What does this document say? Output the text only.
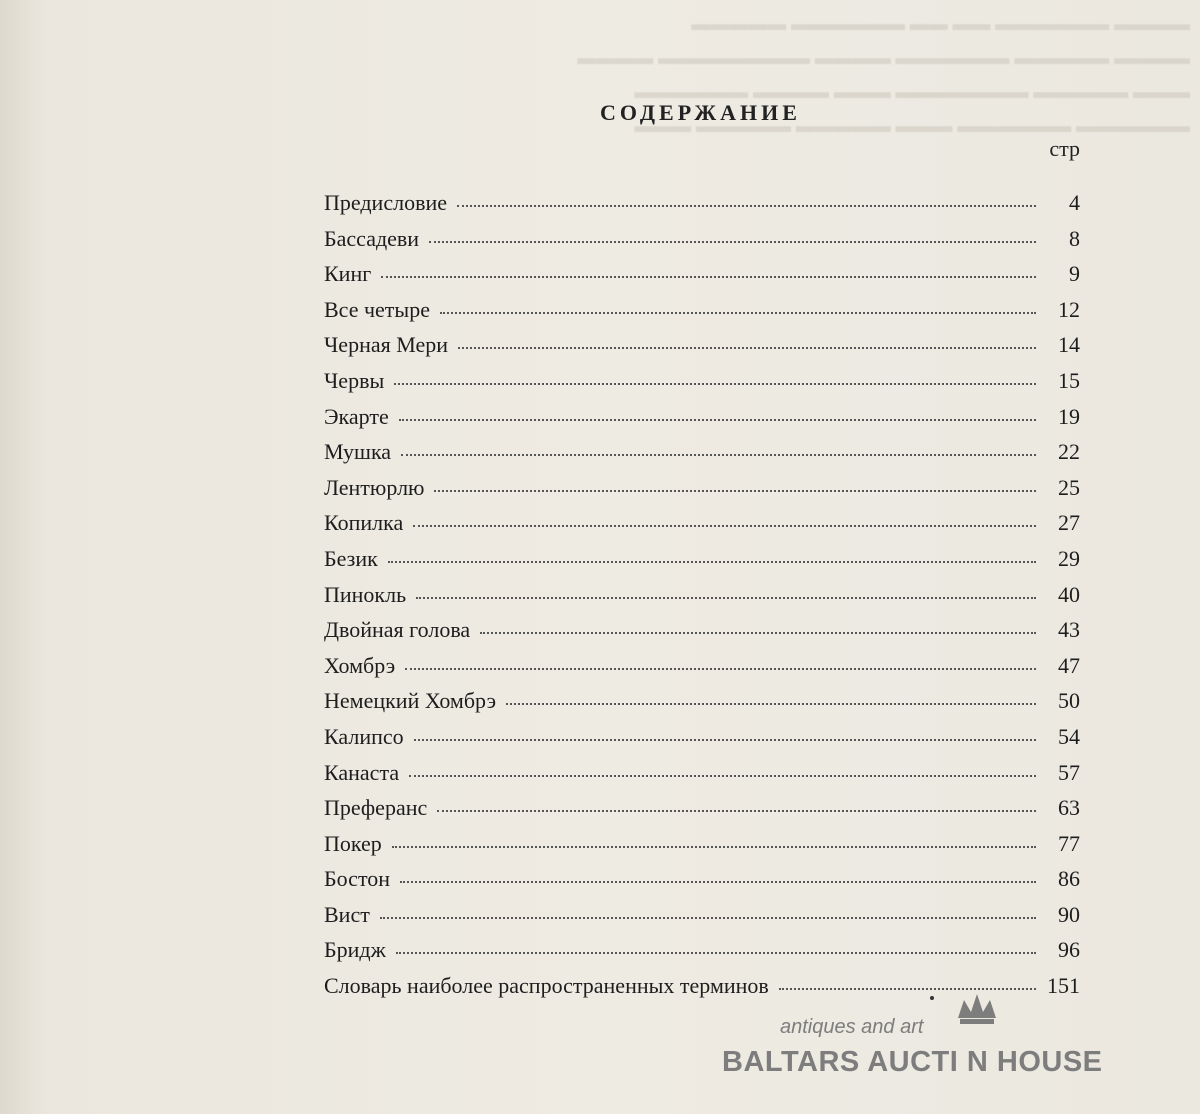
▬▬▬▬ ▬▬▬▬▬▬ ▬▬ ▬▬ ▬▬▬▬▬▬ ▬▬▬▬▬
▬▬▬▬ ▬▬▬▬▬ ▬▬▬▬▬▬ ▬▬▬▬ ▬▬▬▬▬▬▬▬ ▬▬▬▬
▬▬▬ ▬▬▬▬▬ ▬▬▬▬▬▬▬ ▬▬▬ ▬▬▬▬ ▬▬▬▬▬▬
▬▬▬▬▬▬ ▬▬▬▬▬▬ ▬▬▬ ▬▬▬▬▬ ▬▬▬▬▬ ▬▬▬
СОДЕРЖАНИЕ
стр
Предисловие	4
Бассадеви	8
Кинг	9
Все четыре	12
Черная Мери	14
Червы	15
Экарте	19
Мушка	22
Лентюрлю	25
Копилка	27
Безик	29
Пинокль	40
Двойная голова	43
Хомбрэ	47
Немецкий Хомбрэ	50
Калипсо	54
Канаста	57
Преферанс	63
Покер	77
Бостон	86
Вист	90
Бридж	96
Словарь наиболее распространенных терминов	151
antiques and art
BALTARS AUCTI N HOUSE
